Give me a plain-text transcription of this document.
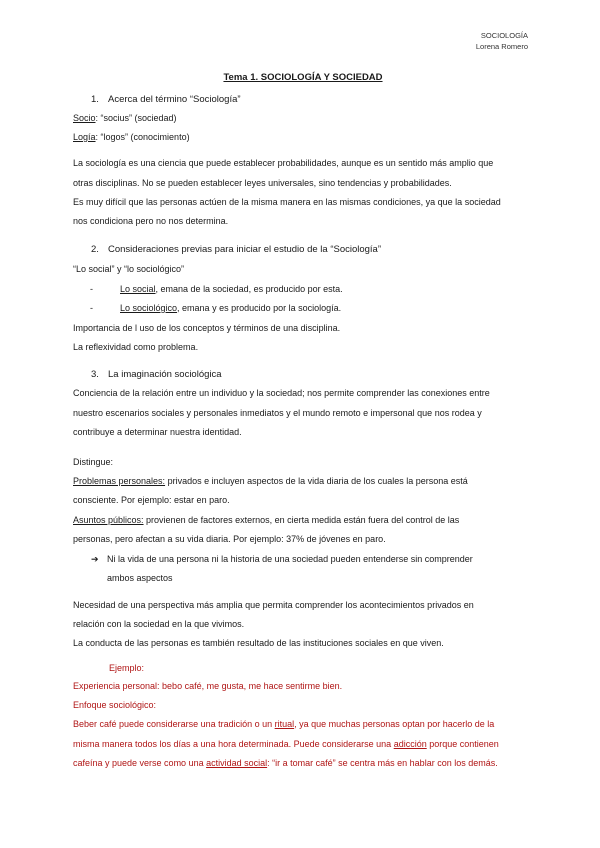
SOCIOLOGÍA
Lorena Romero
Tema 1. SOCIOLOGÍA Y SOCIEDAD
1. Acerca del término “Sociología”
Socio: “socius” (sociedad)
Logía: “logos” (conocimiento)
La sociología es una ciencia que puede establecer probabilidades, aunque es un sentido más amplio que
otras disciplinas. No se pueden establecer leyes universales, sino tendencias y probabilidades.
Es muy difícil que las personas actúen de la misma manera en las mismas condiciones, ya que la sociedad
nos condiciona pero no nos determina.
2. Consideraciones previas para iniciar el estudio de la “Sociología”
“Lo social” y “lo sociológico”
-	Lo social, emana de la sociedad, es producido por esta.
-	Lo sociológico, emana y es producido por la sociología.
Importancia de l uso de los conceptos y términos de una disciplina.
La reflexividad como problema.
3. La imaginación sociológica
Conciencia de la relación entre un individuo y la sociedad; nos permite comprender las conexiones entre
nuestro escenarios sociales y personales inmediatos y el mundo remoto e impersonal que nos rodea y
contribuye a determinar nuestra identidad.
Distingue:
Problemas personales: privados e incluyen aspectos de la vida diaria de los cuales la persona está
consciente. Por ejemplo: estar en paro.
Asuntos públicos: provienen de factores externos, en cierta medida están fuera del control de las
personas, pero afectan a su vida diaria. Por ejemplo: 37% de jóvenes en paro.
➔ Ni la vida de una persona ni la historia de una sociedad pueden entenderse sin comprender
ambos aspectos
Necesidad de una perspectiva más amplia que permita comprender los acontecimientos privados en
relación con la sociedad en la que vivimos.
La conducta de las personas es también resultado de las instituciones sociales en que viven.
Ejemplo:
Experiencia personal: bebo café, me gusta, me hace sentirme bien.
Enfoque sociológico:
Beber café puede considerarse una tradición o un ritual, ya que muchas personas optan por hacerlo de la
misma manera todos los días a una hora determinada. Puede considerarse una adicción porque contienen
cafeína y puede verse como una actividad social: “ir a tomar café” se centra más en hablar con los demás.
